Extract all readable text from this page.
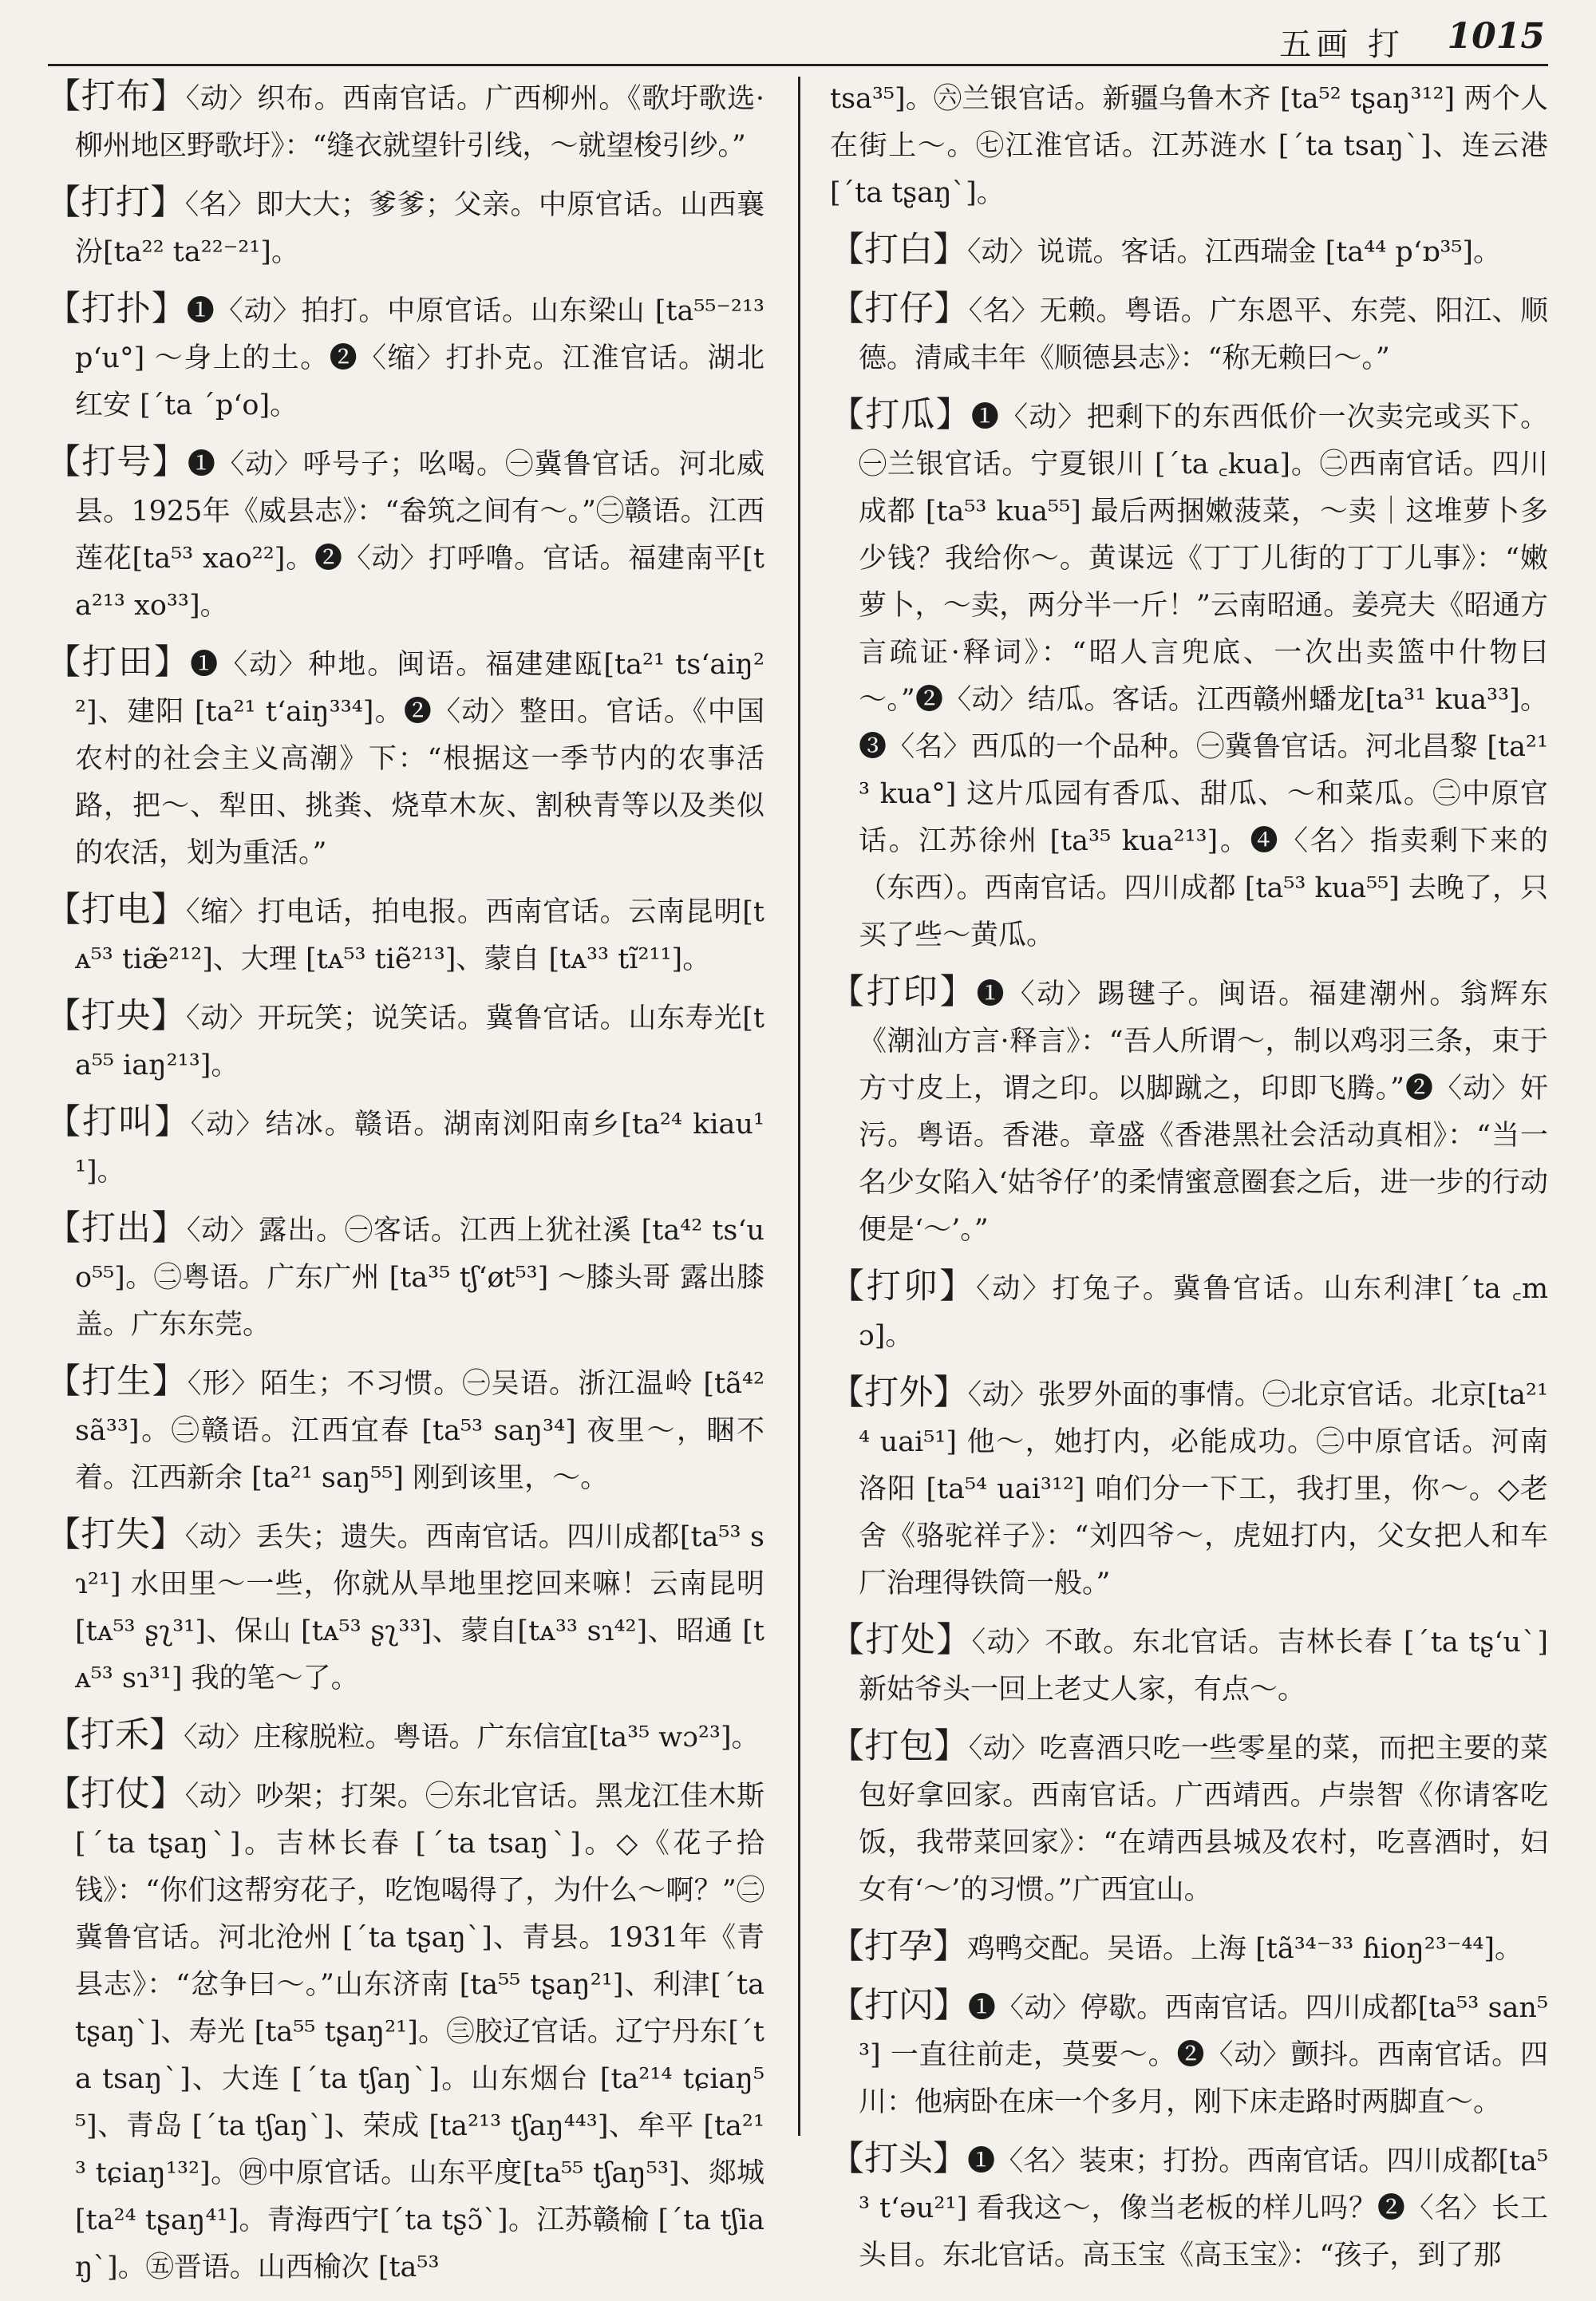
五画 打 1015

【打布】〈动〉织布。西南官话。广西柳州。《歌圩歌选·柳州地区野歌圩》：“缝衣就望针引线，～就望梭引纱。”

【打打】〈名〉即大大；爹爹；父亲。中原官话。山西襄汾[ta²² ta²²⁻²¹]。

【打扑】❶〈动〉拍打。中原官话。山东梁山 [ta⁵⁵⁻²¹³ p‘u°] ～身上的土。❷〈缩〉打扑克。江淮官话。湖北红安 [ˊta ˊp‘o]。

【打号】❶〈动〉呼号子；吆喝。㊀冀鲁官话。河北威县。1925年《威县志》：“畚筑之间有～。”㊁赣语。江西莲花[ta⁵³ xao²²]。❷〈动〉打呼噜。官话。福建南平[ta²¹³ xo³³]。

【打田】❶〈动〉种地。闽语。福建建瓯[ta²¹ ts‘aiŋ²²]、建阳 [ta²¹ t‘aiŋ³³⁴]。❷〈动〉整田。官话。《中国农村的社会主义高潮》下：“根据这一季节内的农事活路，把～、犁田、挑粪、烧草木灰、割秧青等以及类似的农活，划为重活。”

【打电】〈缩〉打电话，拍电报。西南官话。云南昆明[tᴀ⁵³ tiæ̃²¹²]、大理 [tᴀ⁵³ tiẽ²¹³]、蒙自 [tᴀ³³ tĩ²¹¹]。

【打央】〈动〉开玩笑；说笑话。冀鲁官话。山东寿光[ta⁵⁵ iaŋ²¹³]。

【打叫】〈动〉结冰。赣语。湖南浏阳南乡[ta²⁴ kiau¹¹]。

【打出】〈动〉露出。㊀客话。江西上犹社溪 [ta⁴² ts‘uo⁵⁵]。㊁粤语。广东广州 [ta³⁵ tʃ‘øt⁵³] ～膝头哥 露出膝盖。广东东莞。

【打生】〈形〉陌生；不习惯。㊀吴语。浙江温岭 [tã⁴² sã³³]。㊁赣语。江西宜春 [ta⁵³ saŋ³⁴] 夜里～，睏不着。江西新余 [ta²¹ saŋ⁵⁵] 刚到该里，～。

【打失】〈动〉丢失；遗失。西南官话。四川成都[ta⁵³ sɿ²¹] 水田里～一些，你就从旱地里挖回来嘛！云南昆明 [tᴀ⁵³ ʂʅ³¹]、保山 [tᴀ⁵³ ʂʅ³³]、蒙自[tᴀ³³ sɿ⁴²]、昭通 [tᴀ⁵³ sɿ³¹] 我的笔～了。

【打禾】〈动〉庄稼脱粒。粤语。广东信宜[ta³⁵ wɔ²³]。

【打仗】〈动〉吵架；打架。㊀东北官话。黑龙江佳木斯 [ˊta tʂaŋˋ]。吉林长春 [ˊta tsaŋˋ]。◇《花子拾钱》：“你们这帮穷花子，吃饱喝得了，为什么～啊？”㊁冀鲁官话。河北沧州 [ˊta tʂaŋˋ]、青县。1931年《青县志》：“忿争曰～。”山东济南 [ta⁵⁵ tʂaŋ²¹]、利津[ˊta tʂaŋˋ]、寿光 [ta⁵⁵ tʂaŋ²¹]。㊂胶辽官话。辽宁丹东[ˊta tsaŋˋ]、大连 [ˊta tʃaŋˋ]。山东烟台 [ta²¹⁴ tɕiaŋ⁵⁵]、青岛 [ˊta tʃaŋˋ]、荣成 [ta²¹³ tʃaŋ⁴⁴³]、牟平 [ta²¹³ tɕiaŋ¹³²]。㊃中原官话。山东平度[ta⁵⁵ tʃaŋ⁵³]、郯城 [ta²⁴ tʂaŋ⁴¹]。青海西宁[ˊta tʂɔ̃ˋ]。江苏赣榆 [ˊta tʃiaŋˋ]。㊄晋语。山西榆次 [ta⁵³

tsa³⁵]。㊅兰银官话。新疆乌鲁木齐 [ta⁵² tʂaŋ³¹²] 两个人在街上～。㊆江淮官话。江苏涟水 [ˊta tsaŋˋ]、连云港 [ˊta tʂaŋˋ]。

【打白】〈动〉说谎。客话。江西瑞金 [ta⁴⁴ p‘ɒ³⁵]。

【打仔】〈名〉无赖。粤语。广东恩平、东莞、阳江、顺德。清咸丰年《顺德县志》：“称无赖曰～。”

【打瓜】❶〈动〉把剩下的东西低价一次卖完或买下。㊀兰银官话。宁夏银川 [ˊta ꜀kua]。㊁西南官话。四川成都 [ta⁵³ kua⁵⁵] 最后两捆嫩菠菜，～卖｜这堆萝卜多少钱？我给你～。黄谋远《丁丁儿街的丁丁儿事》：“嫩萝卜，～卖，两分半一斤！”云南昭通。姜亮夫《昭通方言疏证·释词》：“昭人言兜底、一次出卖篮中什物曰～。”❷〈动〉结瓜。客话。江西赣州蟠龙[ta³¹ kua³³]。❸〈名〉西瓜的一个品种。㊀冀鲁官话。河北昌黎 [ta²¹³ kua°] 这片瓜园有香瓜、甜瓜、～和菜瓜。㊁中原官话。江苏徐州 [ta³⁵ kua²¹³]。❹〈名〉指卖剩下来的（东西）。西南官话。四川成都 [ta⁵³ kua⁵⁵] 去晚了，只买了些～黄瓜。

【打印】❶〈动〉踢毽子。闽语。福建潮州。翁辉东《潮汕方言·释言》：“吾人所谓～，制以鸡羽三条，束于方寸皮上，谓之印。以脚蹴之，印即飞腾。”❷〈动〉奸污。粤语。香港。章盛《香港黑社会活动真相》：“当一名少女陷入‘姑爷仔’的柔情蜜意圈套之后，进一步的行动便是‘～’。”

【打卯】〈动〉打兔子。冀鲁官话。山东利津[ˊta ꜀mɔ]。

【打外】〈动〉张罗外面的事情。㊀北京官话。北京[ta²¹⁴ uai⁵¹] 他～，她打内，必能成功。㊁中原官话。河南洛阳 [ta⁵⁴ uai³¹²] 咱们分一下工，我打里，你～。◇老舍《骆驼祥子》：“刘四爷～，虎妞打内，父女把人和车厂治理得铁筒一般。”

【打处】〈动〉不敢。东北官话。吉林长春 [ˊta tʂ‘uˋ] 新姑爷头一回上老丈人家，有点～。

【打包】〈动〉吃喜酒只吃一些零星的菜，而把主要的菜包好拿回家。西南官话。广西靖西。卢崇智《你请客吃饭，我带菜回家》：“在靖西县城及农村，吃喜酒时，妇女有‘～’的习惯。”广西宜山。

【打孕】鸡鸭交配。吴语。上海 [tã³⁴⁻³³ ɦioŋ²³⁻⁴⁴]。

【打闪】❶〈动〉停歇。西南官话。四川成都[ta⁵³ san⁵³] 一直往前走，莫要～。❷〈动〉颤抖。西南官话。四川：他病卧在床一个多月，刚下床走路时两脚直～。

【打头】❶〈名〉装束；打扮。西南官话。四川成都[ta⁵³ t‘əu²¹] 看我这～，像当老板的样儿吗？❷〈名〉长工头目。东北官话。高玉宝《高玉宝》：“孩子，到了那
